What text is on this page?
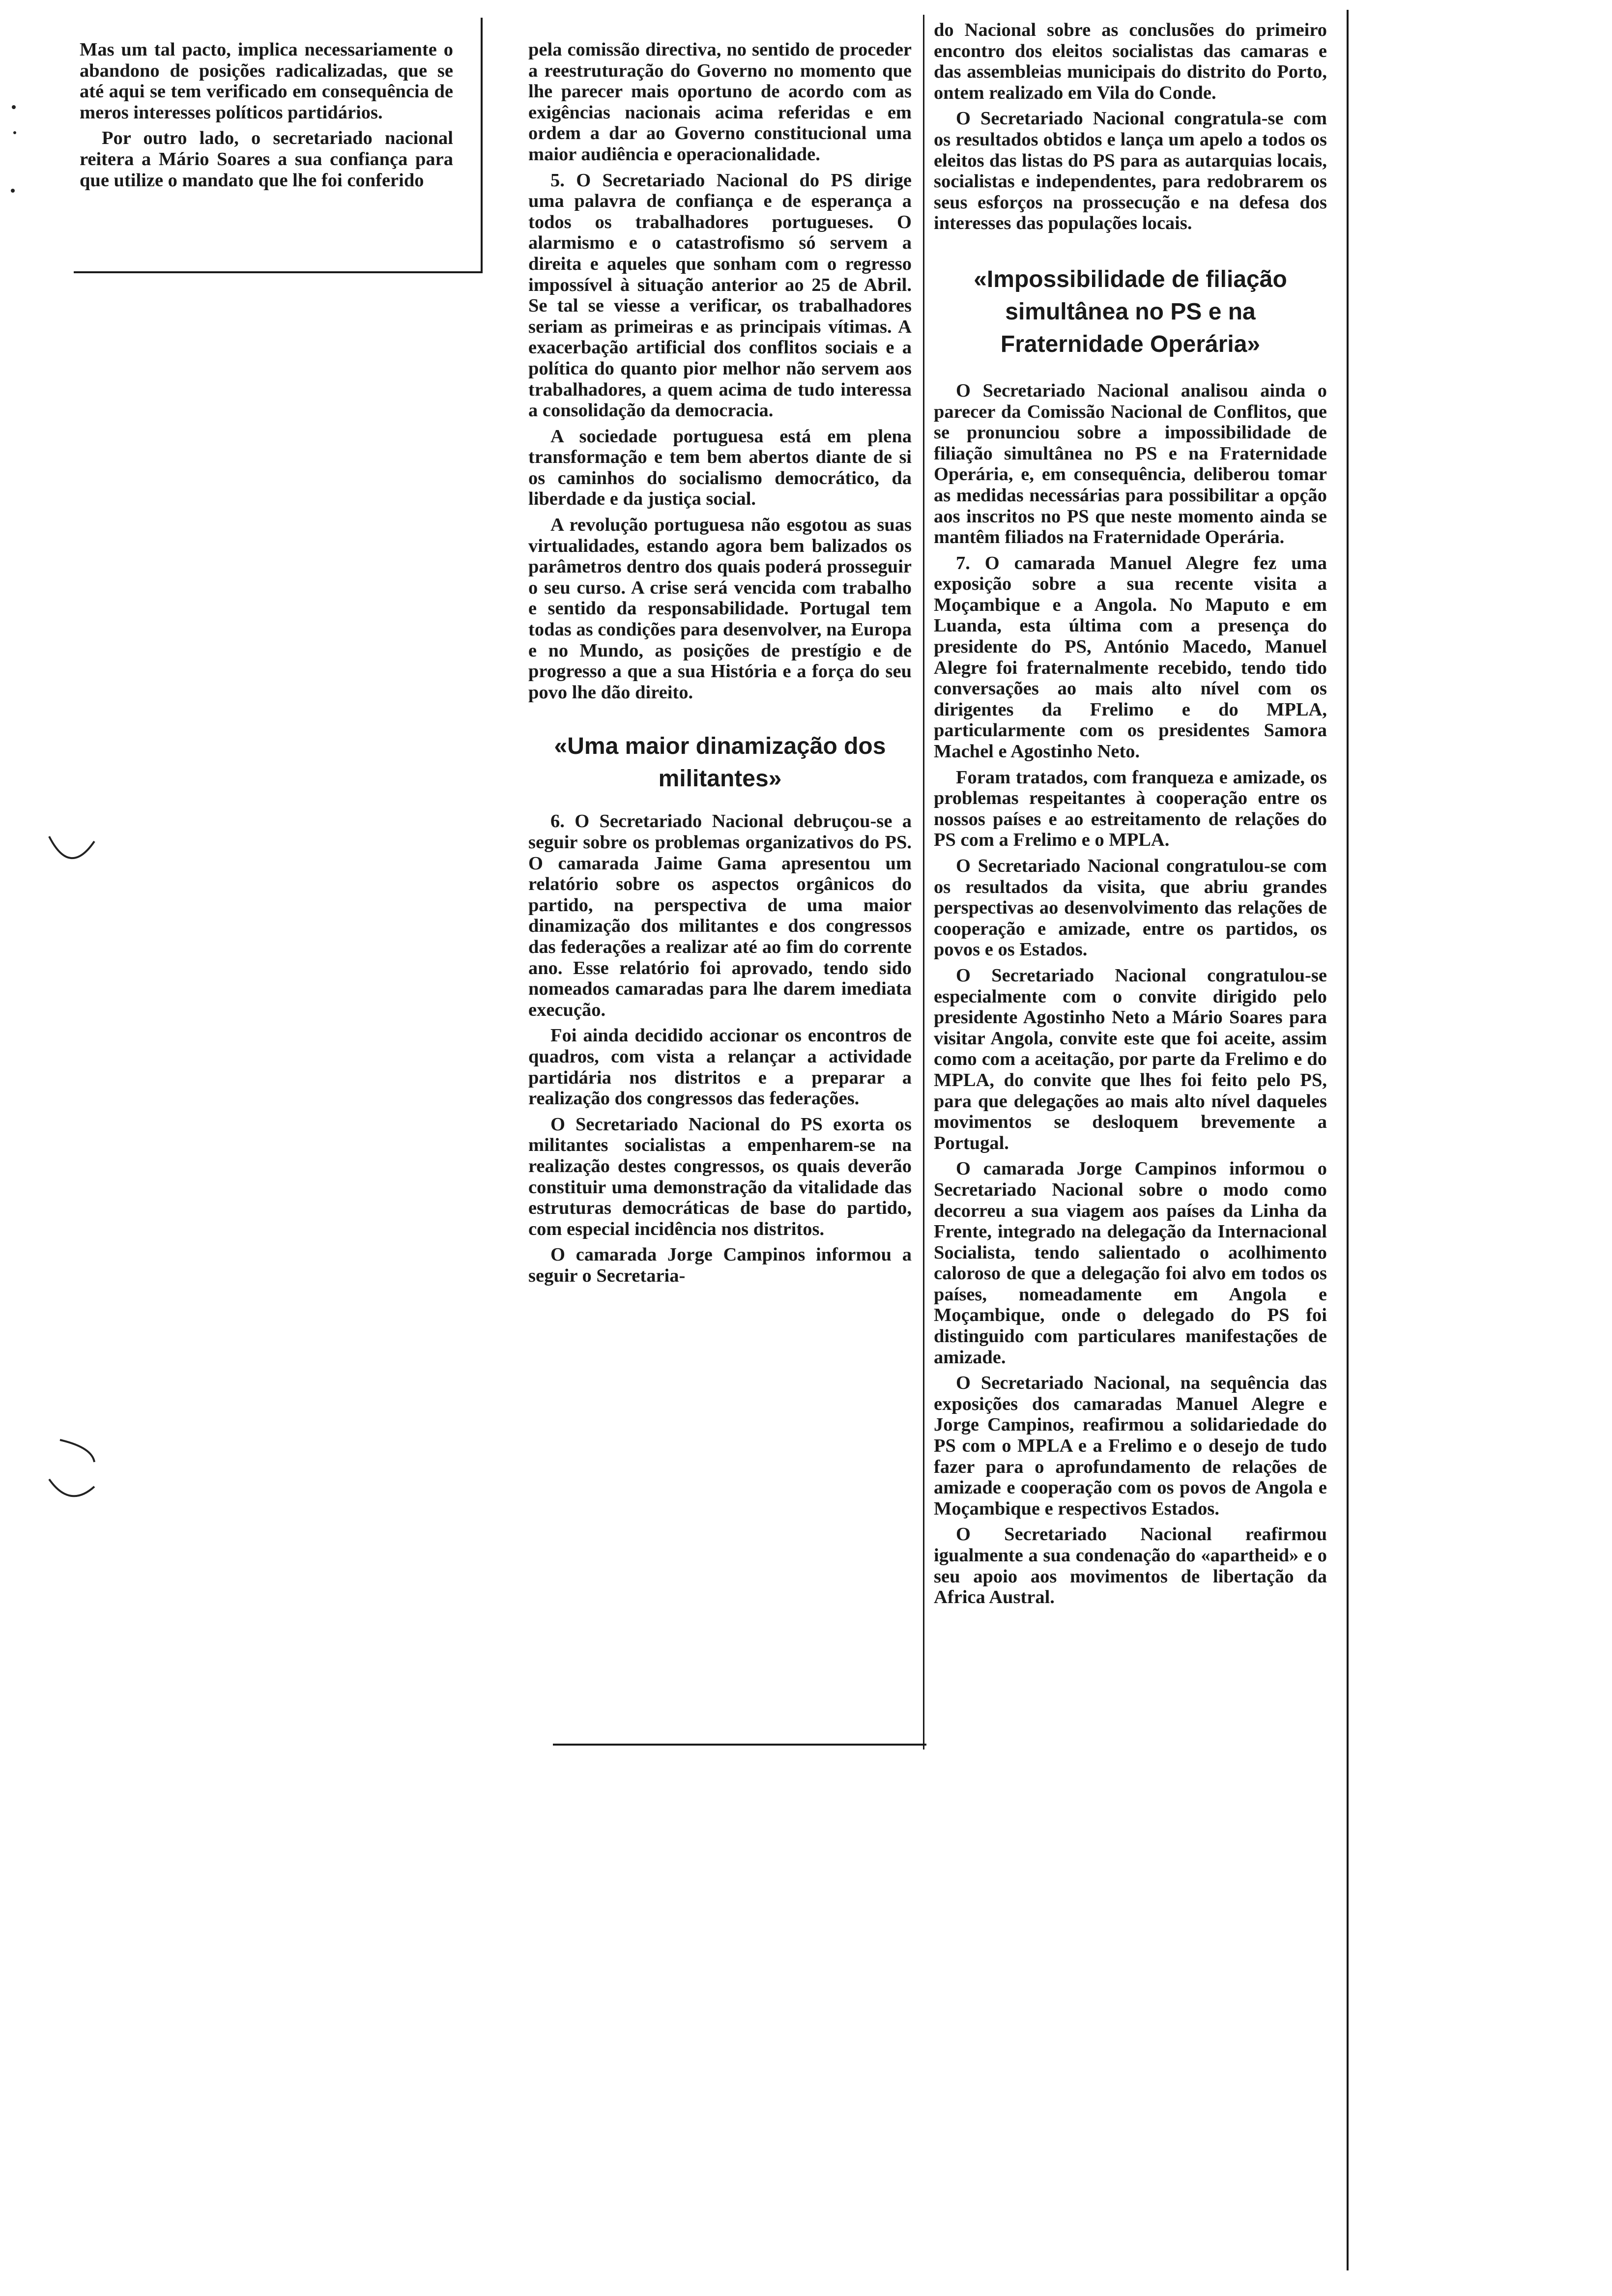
Mas um tal pacto, implica necessariamente o abandono de posições radicalizadas, que se até aqui se tem verificado em consequência de meros interesses políticos partidários.

Por outro lado, o secretariado nacional reitera a Mário Soares a sua confiança para que utilize o mandato que lhe foi conferido

pela comissão directiva, no sentido de proceder a reestruturação do Governo no momento que lhe parecer mais oportuno de acordo com as exigências nacionais acima referidas e em ordem a dar ao Governo constitucional uma maior audiência e operacionalidade.

5. O Secretariado Nacional do PS dirige uma palavra de confiança e de esperança a todos os trabalhadores portugueses. O alarmismo e o catastrofismo só servem a direita e aqueles que sonham com o regresso impossível à situação anterior ao 25 de Abril. Se tal se viesse a verificar, os trabalhadores seriam as primeiras e as principais vítimas. A exacerbação artificial dos conflitos sociais e a política do quanto pior melhor não servem aos trabalhadores, a quem acima de tudo interessa a consolidação da democracia.

A sociedade portuguesa está em plena transformação e tem bem abertos diante de si os caminhos do socialismo democrático, da liberdade e da justiça social.

A revolução portuguesa não esgotou as suas virtualidades, estando agora bem balizados os parâmetros dentro dos quais poderá prosseguir o seu curso. A crise será vencida com trabalho e sentido da responsabilidade. Portugal tem todas as condições para desenvolver, na Europa e no Mundo, as posições de prestígio e de progresso a que a sua História e a força do seu povo lhe dão direito.

«Uma maior dinamização dos militantes»

6. O Secretariado Nacional debruçou-se a seguir sobre os problemas organizativos do PS. O camarada Jaime Gama apresentou um relatório sobre os aspectos orgânicos do partido, na perspectiva de uma maior dinamização dos militantes e dos congressos das federações a realizar até ao fim do corrente ano. Esse relatório foi aprovado, tendo sido nomeados camaradas para lhe darem imediata execução.

Foi ainda decidido accionar os encontros de quadros, com vista a relançar a actividade partidária nos distritos e a preparar a realização dos congressos das federações.

O Secretariado Nacional do PS exorta os militantes socialistas a empenharem-se na realização destes congressos, os quais deverão constituir uma demonstração da vitalidade das estruturas democráticas de base do partido, com especial incidência nos distritos.

O camarada Jorge Campinos informou a seguir o Secretaria-

do Nacional sobre as conclusões do primeiro encontro dos eleitos socialistas das camaras e das assembleias municipais do distrito do Porto, ontem realizado em Vila do Conde.

O Secretariado Nacional congratula-se com os resultados obtidos e lança um apelo a todos os eleitos das listas do PS para as autarquias locais, socialistas e independentes, para redobrarem os seus esforços na prossecução e na defesa dos interesses das populações locais.

«Impossibilidade de filiação simultânea no PS e na Fraternidade Operária»

O Secretariado Nacional analisou ainda o parecer da Comissão Nacional de Conflitos, que se pronunciou sobre a impossibilidade de filiação simultânea no PS e na Fraternidade Operária, e, em consequência, deliberou tomar as medidas necessárias para possibilitar a opção aos inscritos no PS que neste momento ainda se mantêm filiados na Fraternidade Operária.

7. O camarada Manuel Alegre fez uma exposição sobre a sua recente visita a Moçambique e a Angola. No Maputo e em Luanda, esta última com a presença do presidente do PS, António Macedo, Manuel Alegre foi fraternalmente recebido, tendo tido conversações ao mais alto nível com os dirigentes da Frelimo e do MPLA, particularmente com os presidentes Samora Machel e Agostinho Neto.

Foram tratados, com franqueza e amizade, os problemas respeitantes à cooperação entre os nossos países e ao estreitamento de relações do PS com a Frelimo e o MPLA.

O Secretariado Nacional congratulou-se com os resultados da visita, que abriu grandes perspectivas ao desenvolvimento das relações de cooperação e amizade, entre os partidos, os povos e os Estados.

O Secretariado Nacional congratulou-se especialmente com o convite dirigido pelo presidente Agostinho Neto a Mário Soares para visitar Angola, convite este que foi aceite, assim como com a aceitação, por parte da Frelimo e do MPLA, do convite que lhes foi feito pelo PS, para que delegações ao mais alto nível daqueles movimentos se desloquem brevemente a Portugal.

O camarada Jorge Campinos informou o Secretariado Nacional sobre o modo como decorreu a sua viagem aos países da Linha da Frente, integrado na delegação da Internacional Socialista, tendo salientado o acolhimento caloroso de que a delegação foi alvo em todos os países, nomeadamente em Angola e Moçambique, onde o delegado do PS foi distinguido com particulares manifestações de amizade.

O Secretariado Nacional, na sequência das exposições dos camaradas Manuel Alegre e Jorge Campinos, reafirmou a solidariedade do PS com o MPLA e a Frelimo e o desejo de tudo fazer para o aprofundamento de relações de amizade e cooperação com os povos de Angola e Moçambique e respectivos Estados.

O Secretariado Nacional reafirmou igualmente a sua condenação do «apartheid» e o seu apoio aos movimentos de libertação da Africa Austral.
